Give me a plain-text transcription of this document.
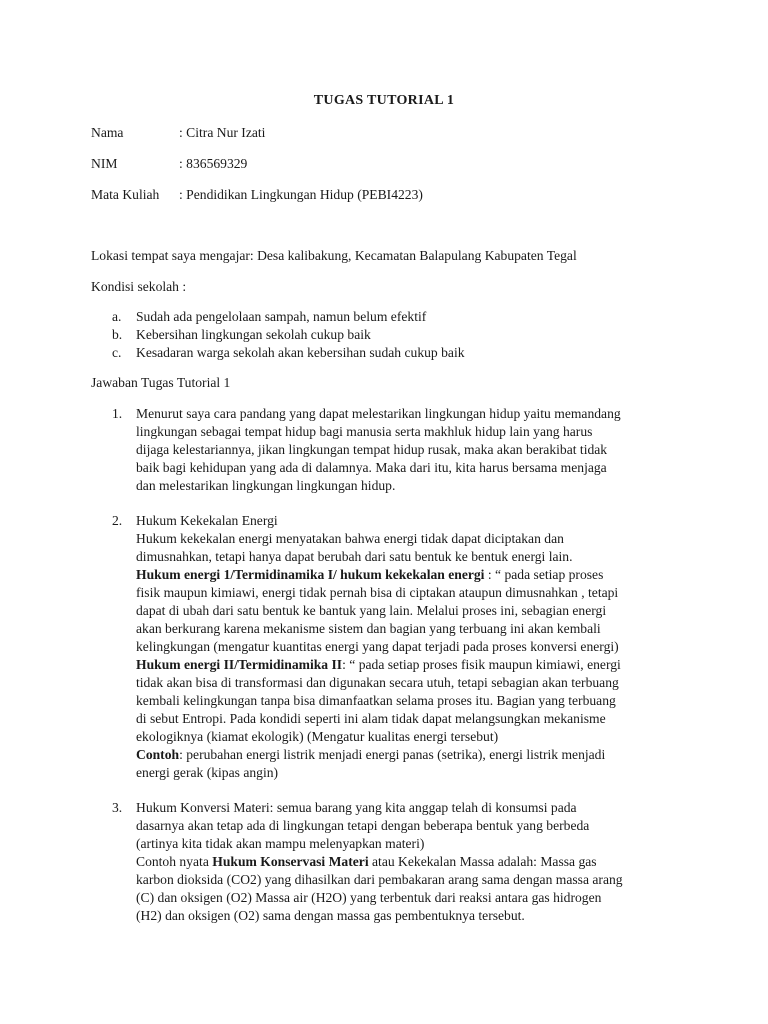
TUGAS TUTORIAL 1
Nama	: Citra Nur Izati
NIM	: 836569329
Mata Kuliah : Pendidikan Lingkungan Hidup (PEBI4223)
Lokasi tempat saya mengajar: Desa kalibakung, Kecamatan Balapulang Kabupaten Tegal
Kondisi sekolah :
a. Sudah ada pengelolaan sampah, namun belum efektif
b. Kebersihan lingkungan sekolah cukup baik
c. Kesadaran warga sekolah akan kebersihan sudah cukup baik
Jawaban Tugas Tutorial 1
1. Menurut saya cara pandang yang dapat melestarikan lingkungan hidup yaitu memandang

lingkungan sebagai tempat hidup bagi manusia serta makhluk hidup lain yang harus

dijaga kelestariannya, jikan lingkungan tempat hidup rusak, maka akan berakibat tidak

baik bagi kehidupan yang ada di dalamnya. Maka dari itu, kita harus bersama menjaga

dan melestarikan lingkungan lingkungan hidup.

2. Hukum Kekekalan Energi

Hukum kekekalan energi menyatakan bahwa energi tidak dapat diciptakan dan

dimusnahkan, tetapi hanya dapat berubah dari satu bentuk ke bentuk energi lain.

Hukum energi 1/Termidinamika I/ hukum kekekalan energi : “ pada setiap proses

fisik maupun kimiawi, energi tidak pernah bisa di ciptakan ataupun dimusnahkan , tetapi

dapat di ubah dari satu bentuk ke bantuk yang lain. Melalui proses ini, sebagian energi

akan berkurang karena mekanisme sistem dan bagian yang terbuang ini akan kembali

kelingkungan (mengatur kuantitas energi yang dapat terjadi pada proses konversi energi)

Hukum energi II/Termidinamika II: “ pada setiap proses fisik maupun kimiawi, energi

tidak akan bisa di transformasi dan digunakan secara utuh, tetapi sebagian akan terbuang

kembali kelingkungan tanpa bisa dimanfaatkan selama proses itu. Bagian yang terbuang

di sebut Entropi. Pada kondidi seperti ini alam tidak dapat melangsungkan mekanisme

ekologiknya (kiamat ekologik) (Mengatur kualitas energi tersebut)

Contoh: perubahan energi listrik menjadi energi panas (setrika), energi listrik menjadi

energi gerak (kipas angin)

3. Hukum Konversi Materi: semua barang yang kita anggap telah di konsumsi pada

dasarnya akan tetap ada di lingkungan tetapi dengan beberapa bentuk yang berbeda

(artinya kita tidak akan mampu melenyapkan materi)

Contoh nyata Hukum Konservasi Materi atau Kekekalan Massa adalah: Massa gas

karbon dioksida (CO2) yang dihasilkan dari pembakaran arang sama dengan massa arang

(C) dan oksigen (O2) Massa air (H2O) yang terbentuk dari reaksi antara gas hidrogen

(H2) dan oksigen (O2) sama dengan massa gas pembentuknya tersebut.
